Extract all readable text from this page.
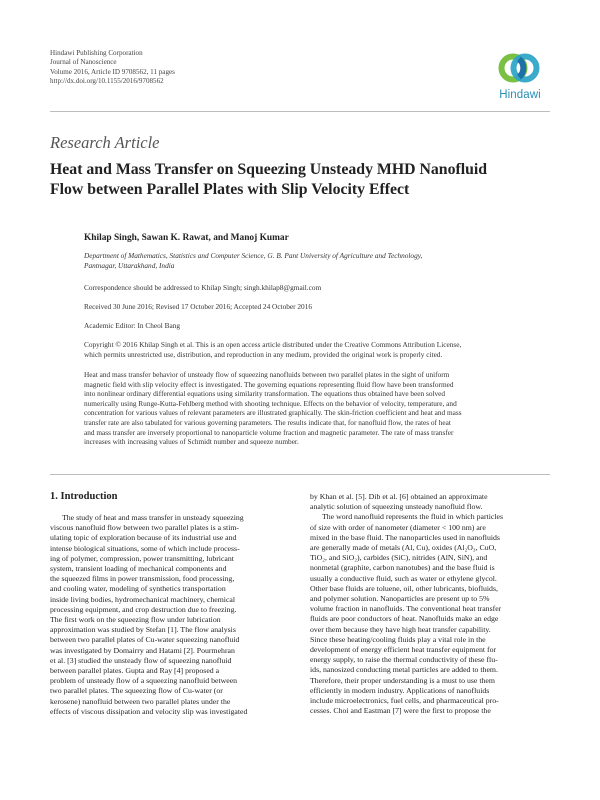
Hindawi Publishing Corporation
Journal of Nanoscience
Volume 2016, Article ID 9708562, 11 pages
http://dx.doi.org/10.1155/2016/9708562
Hindawi
Research Article
Heat and Mass Transfer on Squeezing Unsteady MHD Nanofluid
Flow between Parallel Plates with Slip Velocity Effect
Khilap Singh, Sawan K. Rawat, and Manoj Kumar
Department of Mathematics, Statistics and Computer Science, G. B. Pant University of Agriculture and Technology,
Pantnagar, Uttarakhand, India
Correspondence should be addressed to Khilap Singh; singh.khilap8@gmail.com
Received 30 June 2016; Revised 17 October 2016; Accepted 24 October 2016
Academic Editor: In Cheol Bang
Copyright © 2016 Khilap Singh et al. This is an open access article distributed under the Creative Commons Attribution License,
which permits unrestricted use, distribution, and reproduction in any medium, provided the original work is properly cited.
Heat and mass transfer behavior of unsteady flow of squeezing nanofluids between two parallel plates in the sight of uniform
magnetic field with slip velocity effect is investigated. The governing equations representing fluid flow have been transformed
into nonlinear ordinary differential equations using similarity transformation. The equations thus obtained have been solved
numerically using Runge-Kutta-Fehlberg method with shooting technique. Effects on the behavior of velocity, temperature, and
concentration for various values of relevant parameters are illustrated graphically. The skin-friction coefficient and heat and mass
transfer rate are also tabulated for various governing parameters. The results indicate that, for nanofluid flow, the rates of heat
and mass transfer are inversely proportional to nanoparticle volume fraction and magnetic parameter. The rate of mass transfer
increases with increasing values of Schmidt number and squeeze number.
1. Introduction
The study of heat and mass transfer in unsteady squeezing
viscous nanofluid flow between two parallel plates is a stim-
ulating topic of exploration because of its industrial use and
intense biological situations, some of which include process-
ing of polymer, compression, power transmitting, lubricant
system, transient loading of mechanical components and
the squeezed films in power transmission, food processing,
and cooling water, modeling of synthetics transportation
inside living bodies, hydromechanical machinery, chemical
processing equipment, and crop destruction due to freezing.
The first work on the squeezing flow under lubrication
approximation was studied by Stefan [1]. The flow analysis
between two parallel plates of Cu-water squeezing nanofluid
was investigated by Domairry and Hatami [2]. Pourmehran
et al. [3] studied the unsteady flow of squeezing nanofluid
between parallel plates. Gupta and Ray [4] proposed a
problem of unsteady flow of a squeezing nanofluid between
two parallel plates. The squeezing flow of Cu-water (or
kerosene) nanofluid between two parallel plates under the
effects of viscous dissipation and velocity slip was investigated
by Khan et al. [5]. Dib et al. [6] obtained an approximate
analytic solution of squeezing unsteady nanofluid flow.
The word nanofluid represents the fluid in which particles
of size with order of nanometer (diameter < 100 nm) are
mixed in the base fluid. The nanoparticles used in nanofluids
are generally made of metals (Al, Cu), oxides (Al₂O₃, CuO,
TiO₂, and SiO₂), carbides (SiC), nitrides (AlN, SiN), and
nonmetal (graphite, carbon nanotubes) and the base fluid is
usually a conductive fluid, such as water or ethylene glycol.
Other base fluids are toluene, oil, other lubricants, biofluids,
and polymer solution. Nanoparticles are present up to 5%
volume fraction in nanofluids. The conventional heat transfer
fluids are poor conductors of heat. Nanofluids make an edge
over them because they have high heat transfer capability.
Since these heating/cooling fluids play a vital role in the
development of energy efficient heat transfer equipment for
energy supply, to raise the thermal conductivity of these flu-
ids, nanosized conducting metal particles are added to them.
Therefore, their proper understanding is a must to use them
efficiently in modern industry. Applications of nanofluids
include microelectronics, fuel cells, and pharmaceutical pro-
cesses. Choi and Eastman [7] were the first to propose the
